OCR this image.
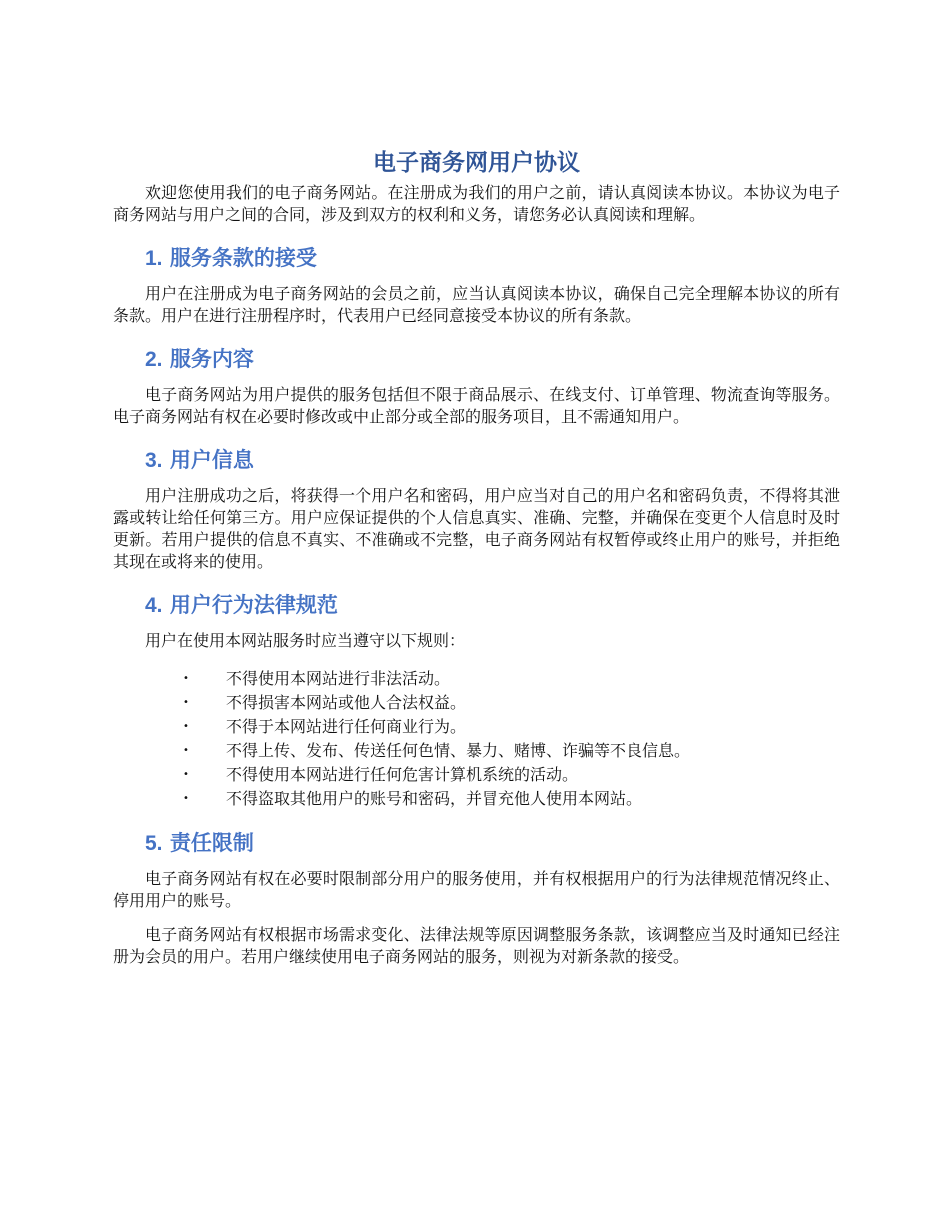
电子商务网用户协议

欢迎您使用我们的电子商务网站。在注册成为我们的用户之前，请认真阅读本协议。本协议为电子商务网站与用户之间的合同，涉及到双方的权利和义务，请您务必认真阅读和理解。

1. 服务条款的接受

用户在注册成为电子商务网站的会员之前，应当认真阅读本协议，确保自己完全理解本协议的所有条款。用户在进行注册程序时，代表用户已经同意接受本协议的所有条款。

2. 服务内容

电子商务网站为用户提供的服务包括但不限于商品展示、在线支付、订单管理、物流查询等服务。电子商务网站有权在必要时修改或中止部分或全部的服务项目，且不需通知用户。

3. 用户信息

用户注册成功之后，将获得一个用户名和密码，用户应当对自己的用户名和密码负责，不得将其泄露或转让给任何第三方。用户应保证提供的个人信息真实、准确、完整，并确保在变更个人信息时及时更新。若用户提供的信息不真实、不准确或不完整，电子商务网站有权暂停或终止用户的账号，并拒绝其现在或将来的使用。

4. 用户行为法律规范

用户在使用本网站服务时应当遵守以下规则：

• 不得使用本网站进行非法活动。
• 不得损害本网站或他人合法权益。
• 不得于本网站进行任何商业行为。
• 不得上传、发布、传送任何色情、暴力、赌博、诈骗等不良信息。
• 不得使用本网站进行任何危害计算机系统的活动。
• 不得盗取其他用户的账号和密码，并冒充他人使用本网站。
5. 责任限制

电子商务网站有权在必要时限制部分用户的服务使用，并有权根据用户的行为法律规范情况终止、停用用户的账号。

电子商务网站有权根据市场需求变化、法律法规等原因调整服务条款，该调整应当及时通知已经注册为会员的用户。若用户继续使用电子商务网站的服务，则视为对新条款的接受。
